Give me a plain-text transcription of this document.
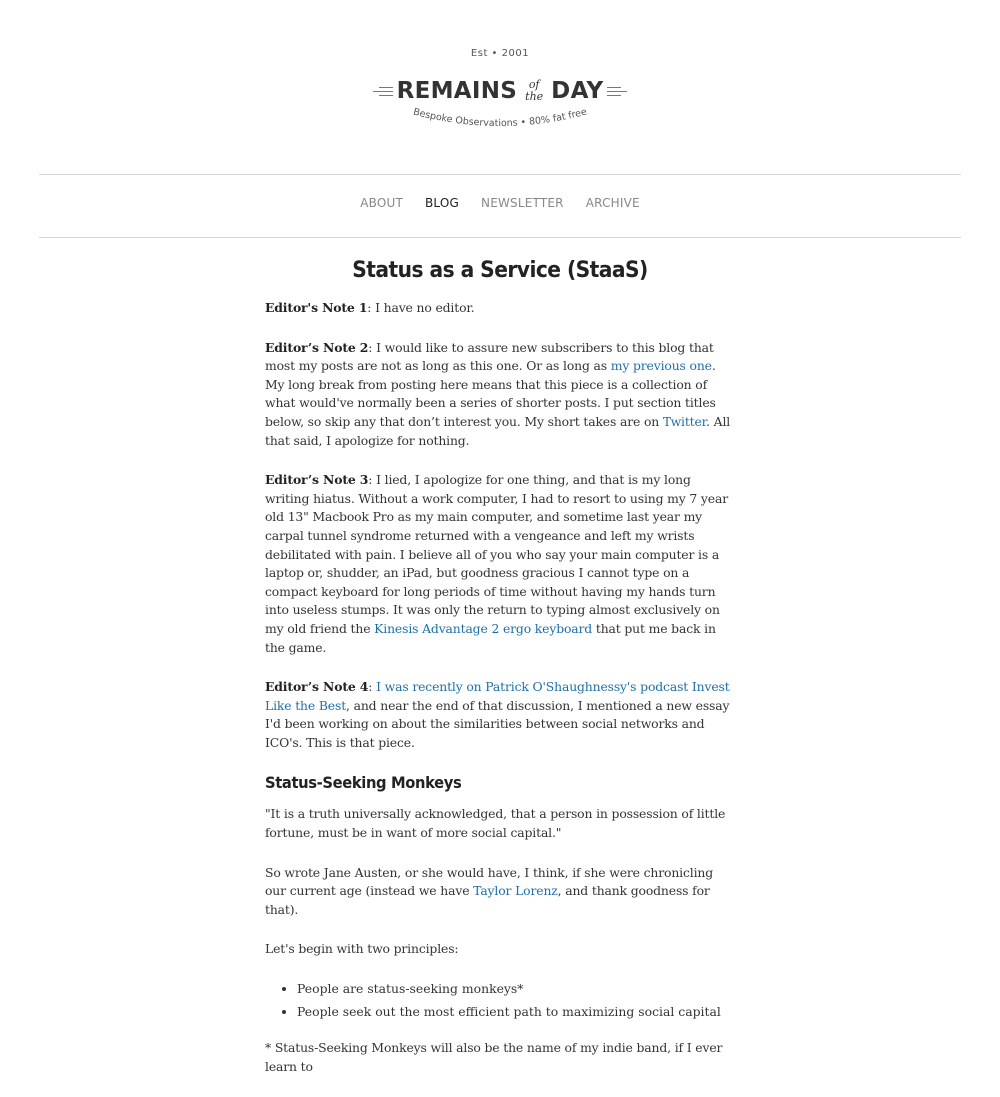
Est • 2001
REMAINS of
the DAY
Bespoke Observations • 80% fat free
ABOUT BLOG NEWSLETTER ARCHIVE
Status as a Service (StaaS)

Editor's Note 1: I have no editor.

Editor’s Note 2: I would like to assure new subscribers to this blog that most my posts are not as long as this one. Or as long as my previous one. My long break from posting here means that this piece is a collection of what would've normally been a series of shorter posts. I put section titles below, so skip any that don’t interest you. My short takes are on Twitter. All that said, I apologize for nothing.

Editor’s Note 3: I lied, I apologize for one thing, and that is my long writing hiatus. Without a work computer, I had to resort to using my 7 year old 13" Macbook Pro as my main computer, and sometime last year my carpal tunnel syndrome returned with a vengeance and left my wrists debilitated with pain. I believe all of you who say your main computer is a laptop or, shudder, an iPad, but goodness gracious I cannot type on a compact keyboard for long periods of time without having my hands turn into useless stumps. It was only the return to typing almost exclusively on my old friend the Kinesis Advantage 2 ergo keyboard that put me back in the game.

Editor’s Note 4: I was recently on Patrick O'Shaughnessy's podcast Invest Like the Best, and near the end of that discussion, I mentioned a new essay I'd been working on about the similarities between social networks and ICO's. This is that piece.

Status-Seeking Monkeys

"It is a truth universally acknowledged, that a person in possession of little fortune, must be in want of more social capital."

So wrote Jane Austen, or she would have, I think, if she were chronicling our current age (instead we have Taylor Lorenz, and thank goodness for that).

Let's begin with two principles:

• People are status-seeking monkeys*
• People seek out the most efficient path to maximizing social capital

* Status-Seeking Monkeys will also be the name of my indie band, if I ever learn to
